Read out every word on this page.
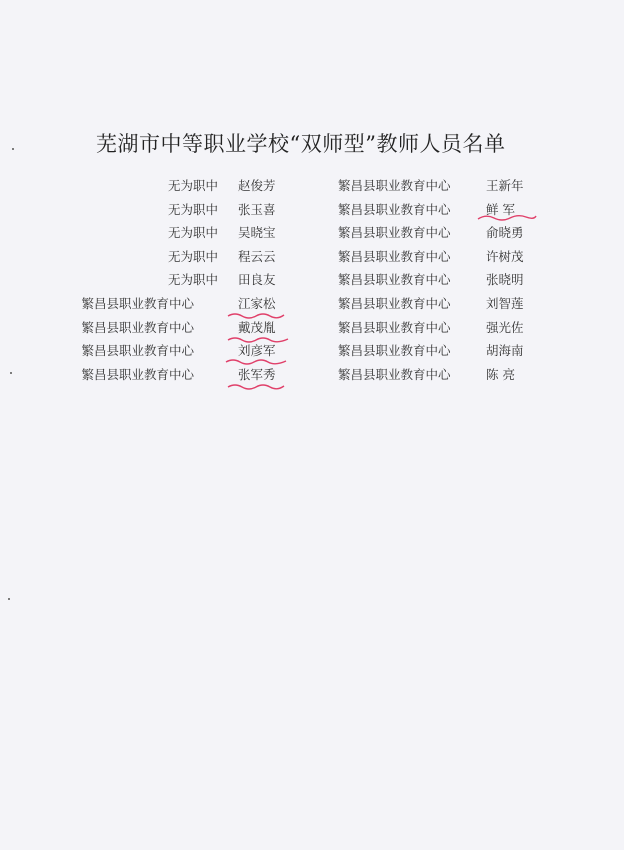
芜湖市中等职业学校“双师型”教师人员名单
无为职中 赵俊芳	繁昌县职业教育中心	王新年
无为职中 张玉喜	繁昌县职业教育中心	鲜 军
无为职中 吴晓宝	繁昌县职业教育中心	俞晓勇
无为职中 程云云	繁昌县职业教育中心	许树茂
无为职中 田良友	繁昌县职业教育中心	张晓明
繁昌县职业教育中心	江家松	繁昌县职业教育中心	刘智莲
繁昌县职业教育中心	戴茂胤	繁昌县职业教育中心	强光佐
繁昌县职业教育中心	刘彦军	繁昌县职业教育中心	胡海南
繁昌县职业教育中心	张军秀	繁昌县职业教育中心	陈 亮
